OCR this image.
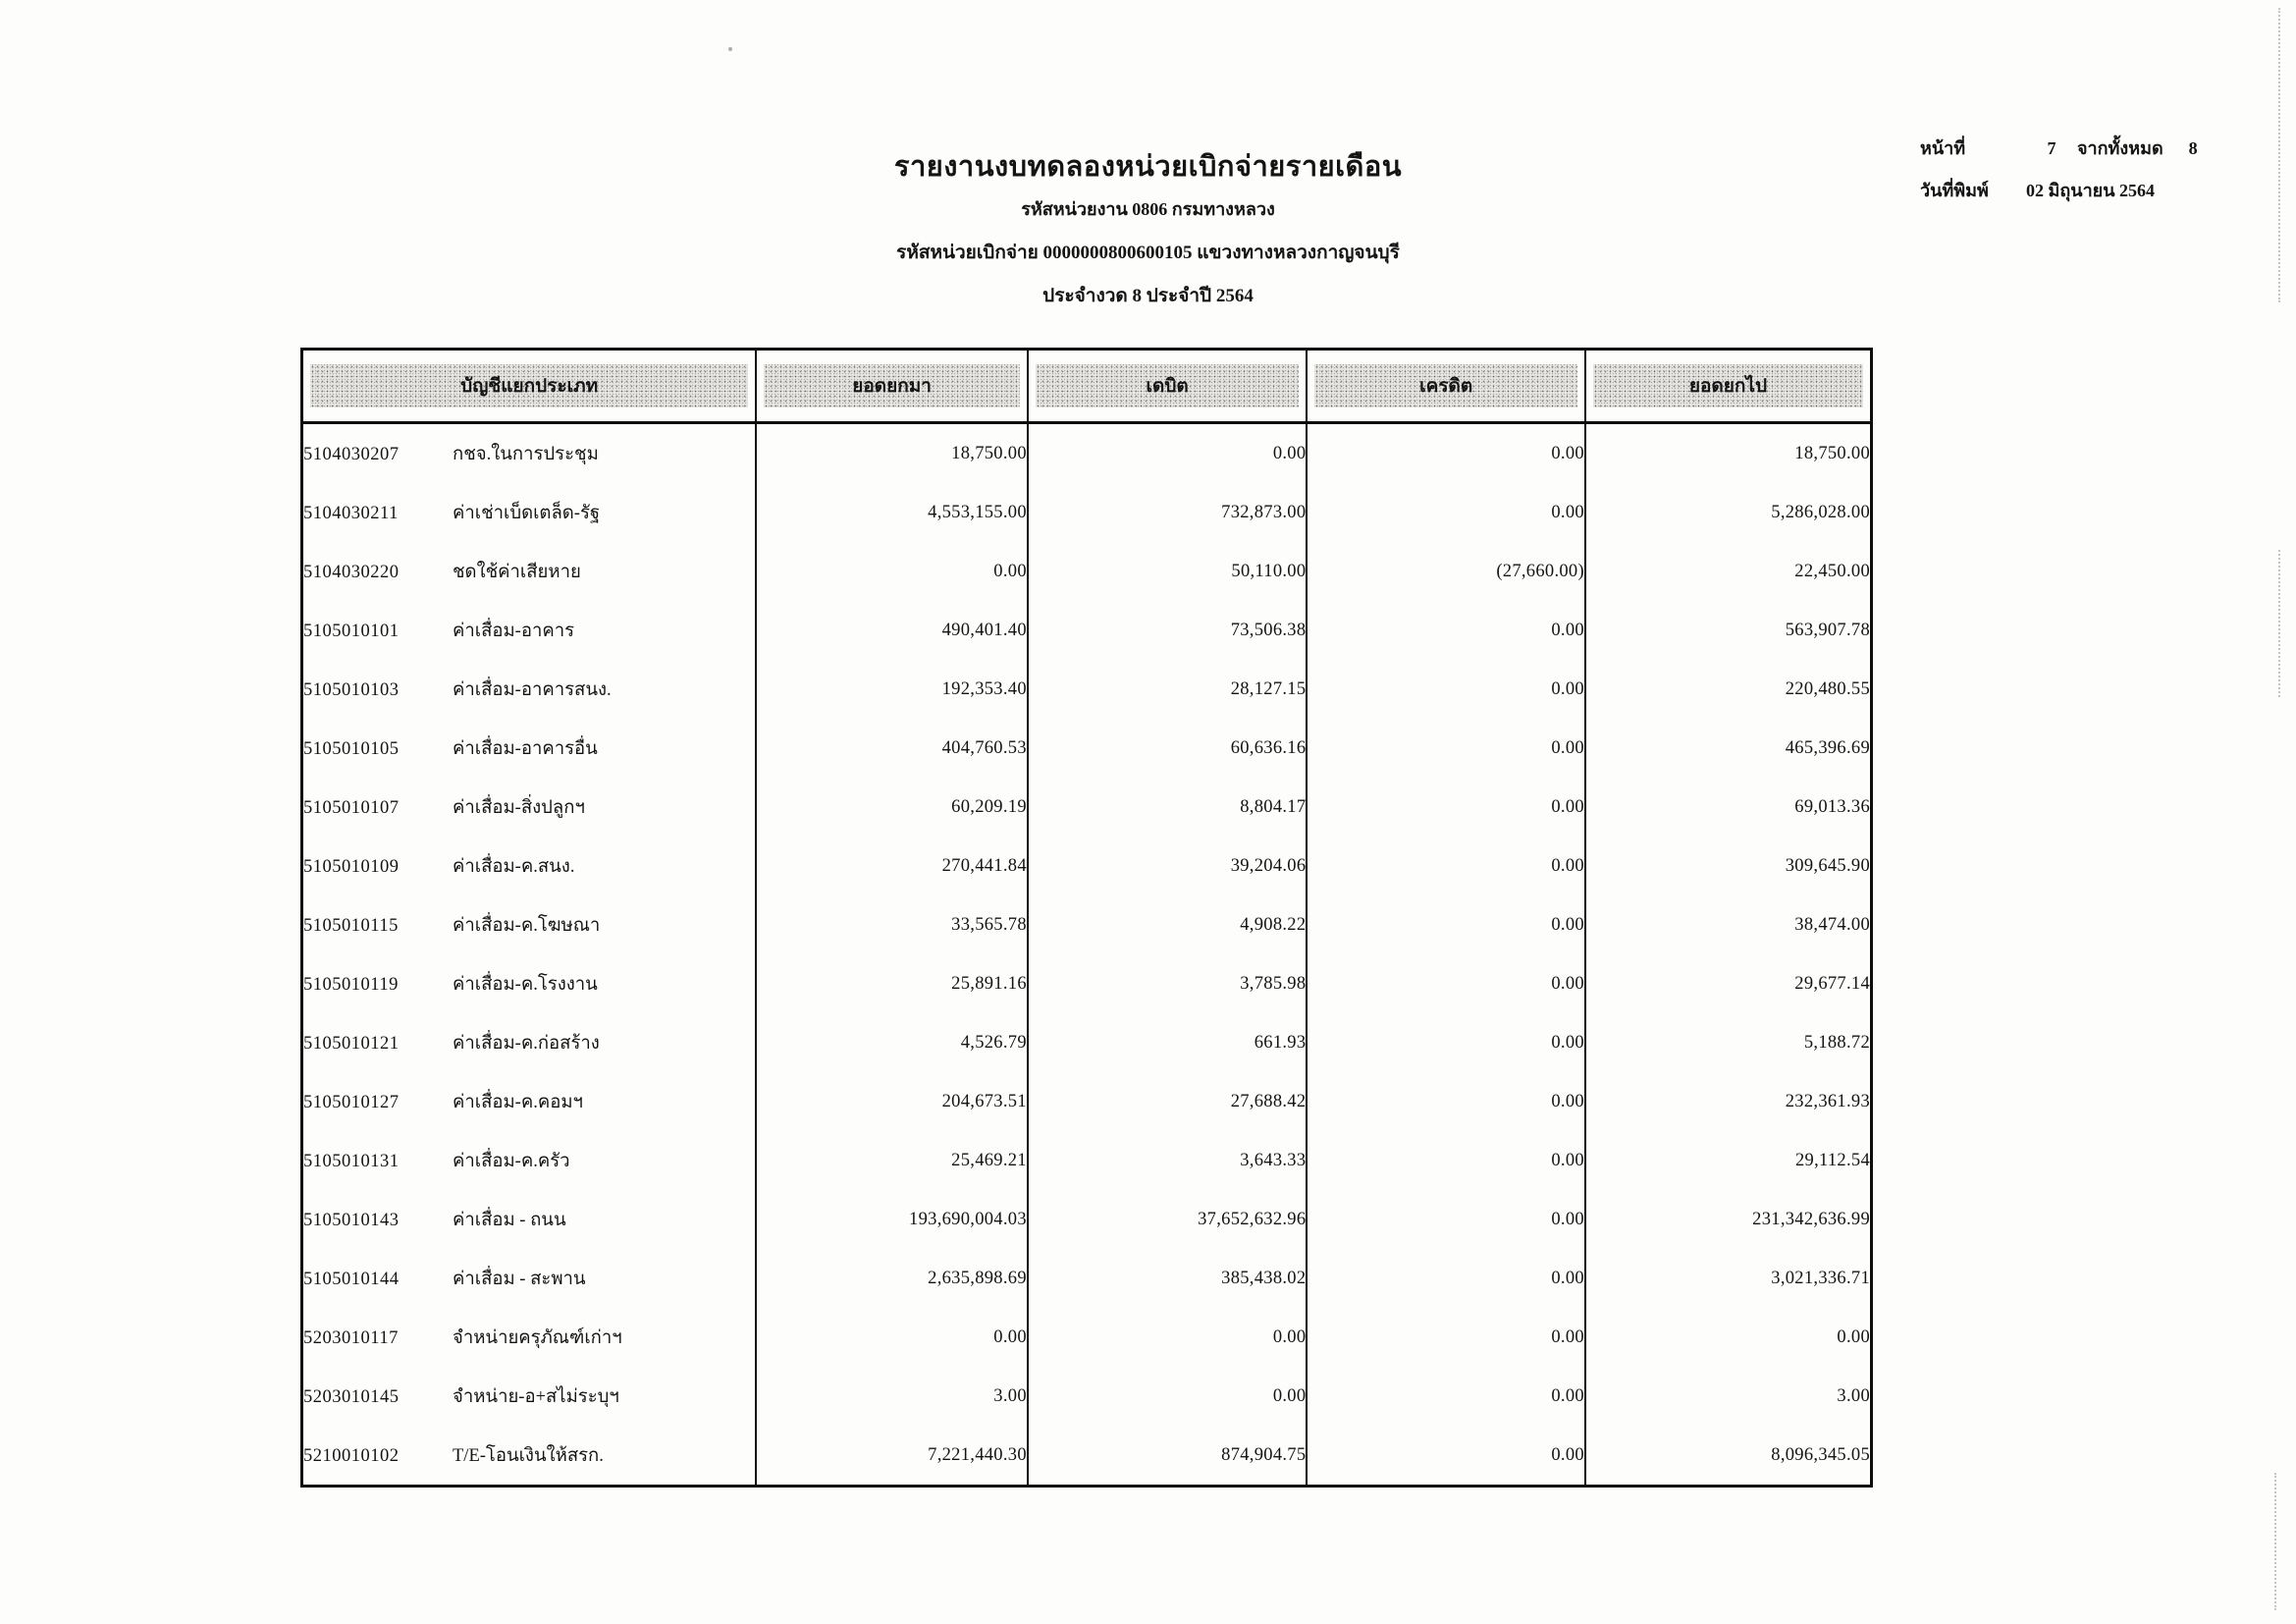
รายงานงบทดลองหน่วยเบิกจ่ายรายเดือน
รหัสหน่วยงาน 0806 กรมทางหลวง
รหัสหน่วยเบิกจ่าย 0000000800600105 แขวงทางหลวงกาญจนบุรี
ประจำงวด 8 ประจำปี 2564
หน้าที่	7	จากทั้งหมด 8
วันที่พิมพ์	02 มิถุนายน 2564
บัญชีแยกประเภท	ยอดยกมา	เดบิต	เครดิต	ยอดยกไป

5104030207 กชจ.ในการประชุม	18,750.00	0.00	0.00	18,750.00
5104030211 ค่าเช่าเบ็ดเตล็ด-รัฐ	4,553,155.00	732,873.00	0.00	5,286,028.00
5104030220 ชดใช้ค่าเสียหาย	0.00	50,110.00	(27,660.00)	22,450.00
5105010101 ค่าเสื่อม-อาคาร	490,401.40	73,506.38	0.00	563,907.78
5105010103 ค่าเสื่อม-อาคารสนง.	192,353.40	28,127.15	0.00	220,480.55
5105010105 ค่าเสื่อม-อาคารอื่น	404,760.53	60,636.16	0.00	465,396.69
5105010107 ค่าเสื่อม-สิ่งปลูกฯ	60,209.19	8,804.17	0.00	69,013.36
5105010109 ค่าเสื่อม-ค.สนง.	270,441.84	39,204.06	0.00	309,645.90
5105010115 ค่าเสื่อม-ค.โฆษณา	33,565.78	4,908.22	0.00	38,474.00
5105010119 ค่าเสื่อม-ค.โรงงาน	25,891.16	3,785.98	0.00	29,677.14
5105010121 ค่าเสื่อม-ค.ก่อสร้าง	4,526.79	661.93	0.00	5,188.72
5105010127 ค่าเสื่อม-ค.คอมฯ	204,673.51	27,688.42	0.00	232,361.93
5105010131 ค่าเสื่อม-ค.ครัว	25,469.21	3,643.33	0.00	29,112.54
5105010143 ค่าเสื่อม - ถนน	193,690,004.03	37,652,632.96	0.00	231,342,636.99
5105010144 ค่าเสื่อม - สะพาน	2,635,898.69	385,438.02	0.00	3,021,336.71
5203010117 จำหน่ายครุภัณฑ์เก่าฯ	0.00	0.00	0.00	0.00
5203010145 จำหน่าย-อ+สไม่ระบุฯ	3.00	0.00	0.00	3.00
5210010102 T/E-โอนเงินให้สรก.	7,221,440.30	874,904.75	0.00	8,096,345.05
